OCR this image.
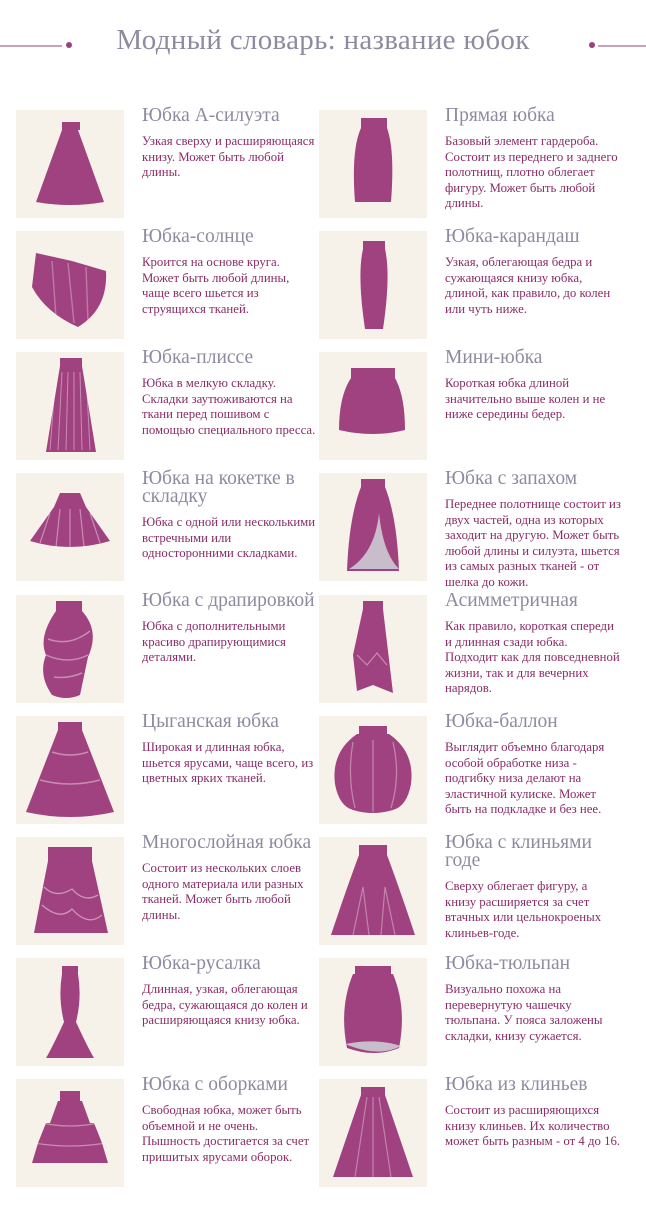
Модный словарь: название юбок
Юбка А-силуэта
Узкая сверху и расширяющаяся книзу. Может быть любой длины.
Юбка-солнце
Кроится на основе круга. Может быть любой длины, чаще всего шьется из струящихся тканей.
Юбка-плиссе
Юбка в мелкую складку. Складки заутюживаются на ткани перед пошивом с помощью специального пресса.
Юбка на кокетке в складку
Юбка с одной или несколькими встречными или односторонними складками.
Юбка с драпировкой
Юбка с дополнительными красиво драпирующимися деталями.
Цыганская юбка
Широкая и длинная юбка, шьется ярусами, чаще всего, из цветных ярких тканей.
Многослойная юбка
Состоит из нескольких слоев одного материала или разных тканей. Может быть любой длины.
Юбка-русалка
Длинная, узкая, облегающая бедра, сужающаяся до колен и расширяющаяся книзу юбка.
Юбка с оборками
Свободная юбка, может быть объемной и не очень. Пышность достигается за счет пришитых ярусами оборок.
Прямая юбка
Базовый элемент гардероба. Состоит из переднего и заднего полотнищ, плотно облегает фигуру. Может быть любой длины.
Юбка-карандаш
Узкая, облегающая бедра и сужающаяся книзу юбка, длиной, как правило, до колен или чуть ниже.
Мини-юбка
Короткая юбка длиной значительно выше колен и не ниже середины бедер.
Юбка с запахом
Переднее полотнище состоит из двух частей, одна из которых заходит на другую. Может быть любой длины и силуэта, шьется из самых разных тканей - от шелка до кожи.
Асимметричная
Как правило, короткая спереди и длинная сзади юбка. Подходит как для повседневной жизни, так и для вечерних нарядов.
Юбка-баллон
Выглядит объемно благодаря особой обработке низа - подгибку низа делают на эластичной кулиске. Может быть на подкладке и без нее.
Юбка с клиньями годе
Сверху облегает фигуру, а книзу расширяется за счет втачных или цельнокроеных клиньев-годе.
Юбка-тюльпан
Визуально похожа на перевернутую чашечку тюльпана. У пояса заложены складки, книзу сужается.
Юбка из клиньев
Состоит из расширяющихся книзу клиньев. Их количество может быть разным - от 4 до 16.
